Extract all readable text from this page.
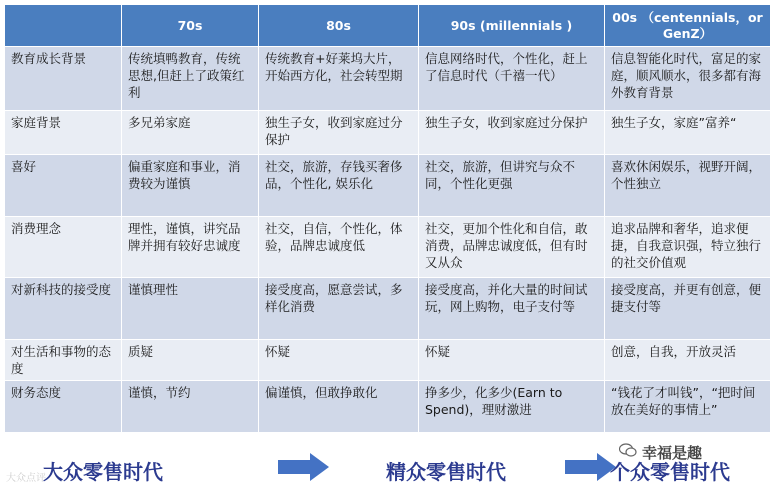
	70s	80s	90s (millennials )	00s （centennials，or GenZ）
教育成长背景	传统填鸭教育，传统思想,但赶上了政策红利	传统教育+好莱坞大片，开始西方化，社会转型期	信息网络时代，个性化，赶上了信息时代（千禧一代）	信息智能化时代，富足的家庭，顺风顺水，很多都有海外教育背景
家庭背景	多兄弟家庭	独生子女，收到家庭过分保护	独生子女，收到家庭过分保护	独生子女，家庭”富养“
喜好	偏重家庭和事业，消费较为谨慎	社交，旅游，存钱买奢侈品，个性化, 娱乐化	社交，旅游，但讲究与众不同，个性化更强	喜欢休闲娱乐，视野开阔，个性独立
消费理念	理性，谨慎，讲究品牌并拥有较好忠诚度	社交，自信，个性化，体验，品牌忠诚度低	社交，更加个性化和自信，敢消费，品牌忠诚度低，但有时又从众	追求品牌和奢华，追求便捷，自我意识强，特立独行的社交价值观
对新科技的接受度	谨慎理性	接受度高，愿意尝试，多样化消费	接受度高，并化大量的时间试玩，网上购物，电子支付等	接受度高，并更有创意，便捷支付等
对生活和事物的态度	质疑	怀疑	怀疑	创意，自我，开放灵活
财务态度	谨慎，节约	偏谨慎，但敢挣敢化	挣多少，化多少(Earn to Spend)，理财激进	“钱花了才叫钱”，“把时间放在美好的事情上”
大众点评
大众零售时代	精众零售时代	个众零售时代
幸福是趣
